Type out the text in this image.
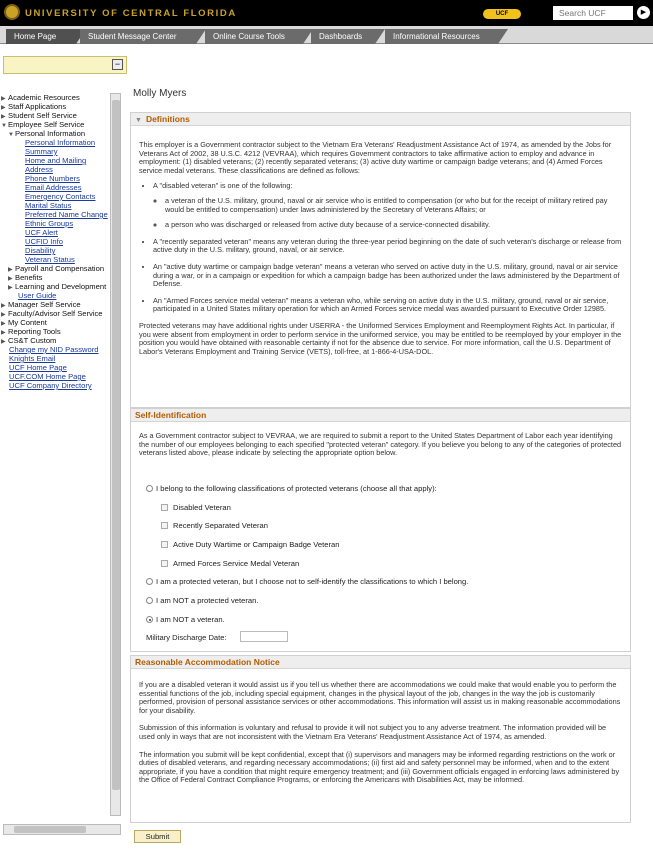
UNIVERSITY OF CENTRAL FLORIDA	UCF
Search UCF	▶
Home Page	Student Message Center	Online Course Tools	Dashboards	Informational Resources
−
▶ Academic Resources
▶ Staff Applications
▶ Student Self Service
▼Employee Self Service
▼Personal Information
Personal Information Summary
Home and Mailing Address
Phone Numbers
Email Addresses
Emergency Contacts
Marital Status
Preferred Name Change
Ethnic Groups
UCF Alert
UCFID Info
Disability
Veteran Status
▶ Payroll and Compensation
▶ Benefits
▶ Learning and Development
User Guide
▶ Manager Self Service
▶ Faculty/Advisor Self Service
▶ My Content
▶ Reporting Tools
▶ CS&T Custom
Change my NID Password
Knights Email
UCF Home Page
UCF.COM Home Page
UCF Company Directory
Molly Myers
▼ Definitions

This employer is a Government contractor subject to the Vietnam Era Veterans' Readjustment Assistance Act of 1974, as amended by the Jobs for Veterans Act of 2002, 38 U.S.C. 4212 (VEVRAA), which requires Government contractors to take affirmative action to employ and advance in employment: (1) disabled veterans; (2) recently separated veterans; (3) active duty wartime or campaign badge veterans; and (4) Armed Forces service medal veterans. These classifications are defined as follows:

• A "disabled veteran" is one of the following:
◦ a veteran of the U.S. military, ground, naval or air service who is entitled to compensation (or who but for the receipt of military retired pay would be entitled to compensation) under laws administered by the Secretary of Veterans Affairs; or
◦ a person who was discharged or released from active duty because of a service-connected disability.
• A "recently separated veteran" means any veteran during the three-year period beginning on the date of such veteran's discharge or release from active duty in the U.S. military, ground, naval, or air service.
• An "active duty wartime or campaign badge veteran" means a veteran who served on active duty in the U.S. military, ground, naval or air service during a war, or in a campaign or expedition for which a campaign badge has been authorized under the laws administered by the Department of Defense.
• An "Armed Forces service medal veteran" means a veteran who, while serving on active duty in the U.S. military, ground, naval or air service, participated in a United States military operation for which an Armed Forces service medal was awarded pursuant to Executive Order 12985.

Protected veterans may have additional rights under USERRA - the Uniformed Services Employment and Reemployment Rights Act. In particular, if you were absent from employment in order to perform service in the uniformed service, you may be entitled to be reemployed by your employer in the position you would have obtained with reasonable certainty if not for the absence due to service. For more information, call the U.S. Department of Labor's Veterans Employment and Training Service (VETS), toll-free, at 1-866-4-USA-DOL.

Self-Identification

As a Government contractor subject to VEVRAA, we are required to submit a report to the United States Department of Labor each year identifying the number of our employees belonging to each specified "protected veteran" category. If you believe you belong to any of the categories of protected veterans listed above, please indicate by selecting the appropriate option below.

I belong to the following classifications of protected veterans (choose all that apply):
Disabled Veteran
Recently Separated Veteran
Active Duty Wartime or Campaign Badge Veteran
Armed Forces Service Medal Veteran
I am a protected veteran, but I choose not to self-identify the classifications to which I belong.
I am NOT a protected veteran.
I am NOT a veteran.
Military Discharge Date:
Reasonable Accommodation Notice

If you are a disabled veteran it would assist us if you tell us whether there are accommodations we could make that would enable you to perform the essential functions of the job, including special equipment, changes in the physical layout of the job, changes in the way the job is customarily performed, provision of personal assistance services or other accommodations. This information will assist us in making reasonable accommodations for your disability.

Submission of this information is voluntary and refusal to provide it will not subject you to any adverse treatment. The information provided will be used only in ways that are not inconsistent with the Vietnam Era Veterans' Readjustment Assistance Act of 1974, as amended.

The information you submit will be kept confidential, except that (i) supervisors and managers may be informed regarding restrictions on the work or duties of disabled veterans, and regarding necessary accommodations; (ii) first aid and safety personnel may be informed, when and to the extent appropriate, if you have a condition that might require emergency treatment; and (iii) Government officials engaged in enforcing laws administered by the Office of Federal Contract Compliance Programs, or enforcing the Americans with Disabilities Act, may be informed.

Submit
